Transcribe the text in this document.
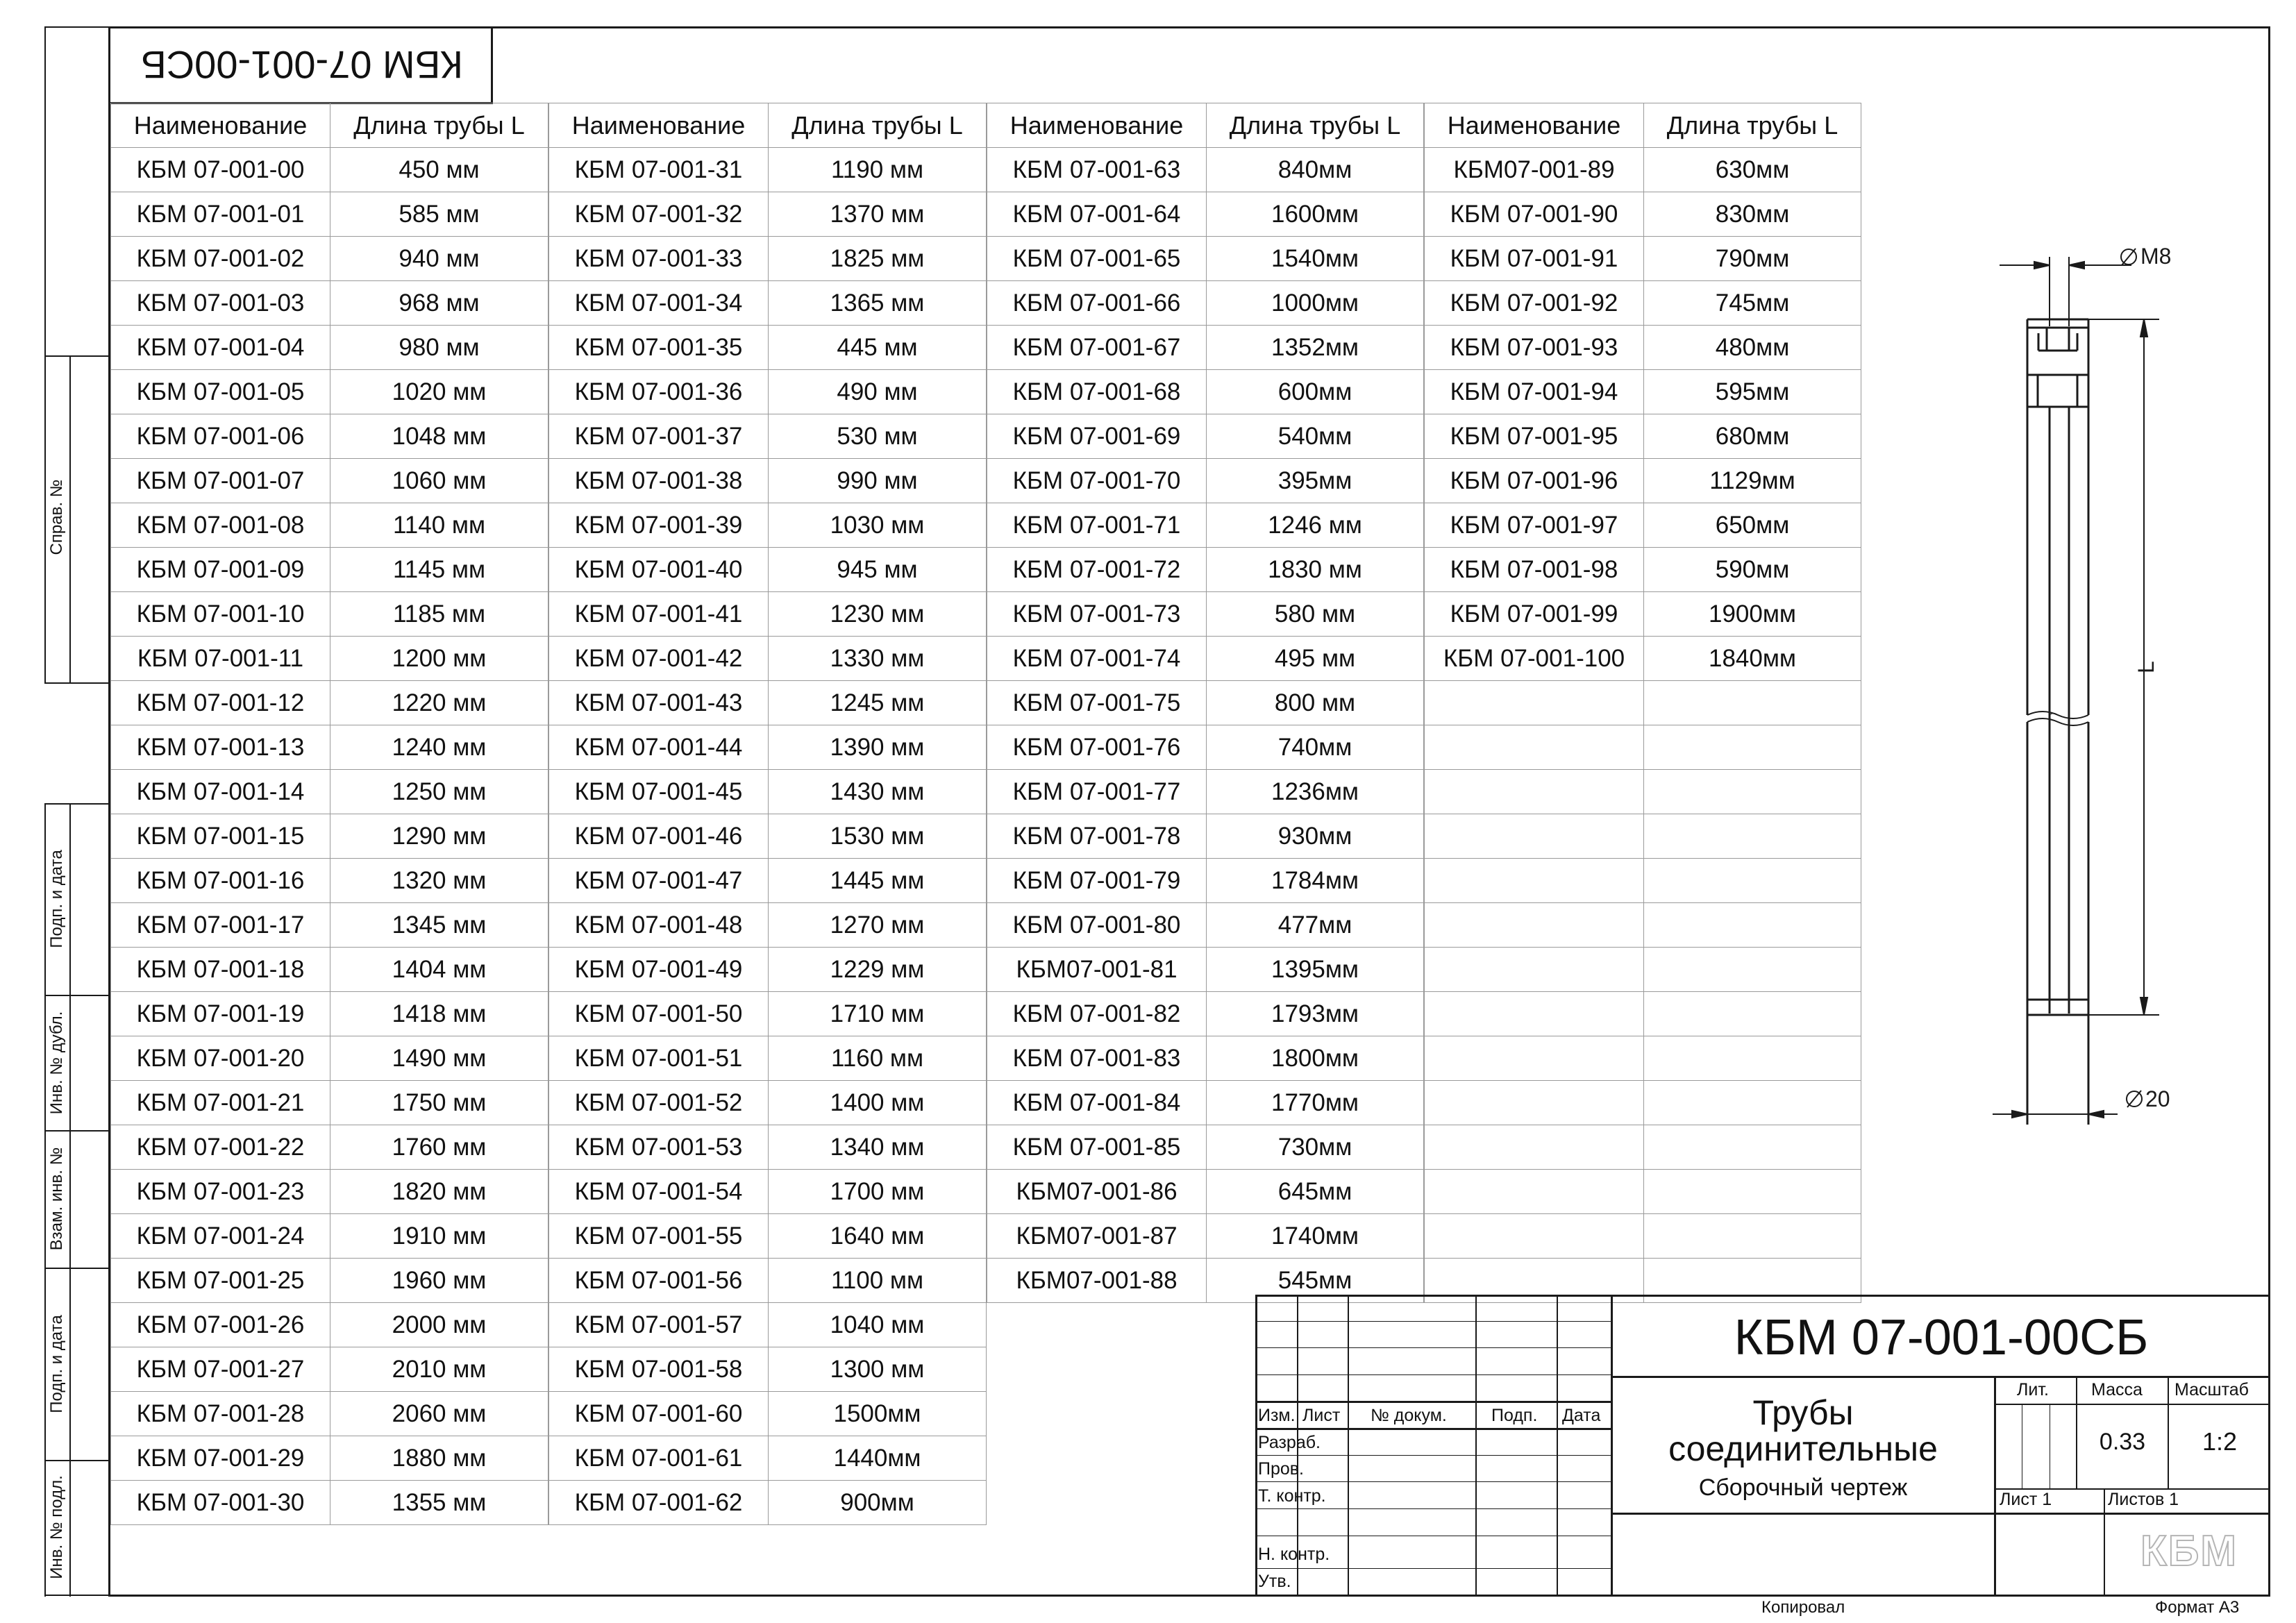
Справ. №
Подп. и дата
Инв. № дубл.
Взам. инв. №
Подп. и дата
Инв. № подл.
КБМ 07-001-00СБ
Наименование	Длина трубы L
КБМ 07-001-00	450 мм
КБМ 07-001-01	585 мм
КБМ 07-001-02	940 мм
КБМ 07-001-03	968 мм
КБМ 07-001-04	980 мм
КБМ 07-001-05	1020 мм
КБМ 07-001-06	1048 мм
КБМ 07-001-07	1060 мм
КБМ 07-001-08	1140 мм
КБМ 07-001-09	1145 мм
КБМ 07-001-10	1185 мм
КБМ 07-001-11	1200 мм
КБМ 07-001-12	1220 мм
КБМ 07-001-13	1240 мм
КБМ 07-001-14	1250 мм
КБМ 07-001-15	1290 мм
КБМ 07-001-16	1320 мм
КБМ 07-001-17	1345 мм
КБМ 07-001-18	1404 мм
КБМ 07-001-19	1418 мм
КБМ 07-001-20	1490 мм
КБМ 07-001-21	1750 мм
КБМ 07-001-22	1760 мм
КБМ 07-001-23	1820 мм
КБМ 07-001-24	1910 мм
КБМ 07-001-25	1960 мм
КБМ 07-001-26	2000 мм
КБМ 07-001-27	2010 мм
КБМ 07-001-28	2060 мм
КБМ 07-001-29	1880 мм
КБМ 07-001-30	1355 мм
Наименование	Длина трубы L
КБМ 07-001-31	1190 мм
КБМ 07-001-32	1370 мм
КБМ 07-001-33	1825 мм
КБМ 07-001-34	1365 мм
КБМ 07-001-35	445 мм
КБМ 07-001-36	490 мм
КБМ 07-001-37	530 мм
КБМ 07-001-38	990 мм
КБМ 07-001-39	1030 мм
КБМ 07-001-40	945 мм
КБМ 07-001-41	1230 мм
КБМ 07-001-42	1330 мм
КБМ 07-001-43	1245 мм
КБМ 07-001-44	1390 мм
КБМ 07-001-45	1430 мм
КБМ 07-001-46	1530 мм
КБМ 07-001-47	1445 мм
КБМ 07-001-48	1270 мм
КБМ 07-001-49	1229 мм
КБМ 07-001-50	1710 мм
КБМ 07-001-51	1160 мм
КБМ 07-001-52	1400 мм
КБМ 07-001-53	1340 мм
КБМ 07-001-54	1700 мм
КБМ 07-001-55	1640 мм
КБМ 07-001-56	1100 мм
КБМ 07-001-57	1040 мм
КБМ 07-001-58	1300 мм
КБМ 07-001-60	1500мм
КБМ 07-001-61	1440мм
КБМ 07-001-62	900мм
Наименование	Длина трубы L
КБМ 07-001-63	840мм
КБМ 07-001-64	1600мм
КБМ 07-001-65	1540мм
КБМ 07-001-66	1000мм
КБМ 07-001-67	1352мм
КБМ 07-001-68	600мм
КБМ 07-001-69	540мм
КБМ 07-001-70	395мм
КБМ 07-001-71	1246 мм
КБМ 07-001-72	1830 мм
КБМ 07-001-73	580 мм
КБМ 07-001-74	495 мм
КБМ 07-001-75	800 мм
КБМ 07-001-76	740мм
КБМ 07-001-77	1236мм
КБМ 07-001-78	930мм
КБМ 07-001-79	1784мм
КБМ 07-001-80	477мм
КБМ07-001-81	1395мм
КБМ 07-001-82	1793мм
КБМ 07-001-83	1800мм
КБМ 07-001-84	1770мм
КБМ 07-001-85	730мм
КБМ07-001-86	645мм
КБМ07-001-87	1740мм
КБМ07-001-88	545мм
Наименование	Длина трубы L
КБМ07-001-89	630мм
КБМ 07-001-90	830мм
КБМ 07-001-91	790мм
КБМ 07-001-92	745мм
КБМ 07-001-93	480мм
КБМ 07-001-94	595мм
КБМ 07-001-95	680мм
КБМ 07-001-96	1129мм
КБМ 07-001-97	650мм
КБМ 07-001-98	590мм
КБМ 07-001-99	1900мм
КБМ 07-001-100	1840мм

M8
L
20
Изм. Лист № докум.	Подп. Дата
Разраб.
Пров.
Т. контр.
Н. контр.
Утв.
КБМ 07-001-00СБ
Трубы
соединительные
Сборочный чертеж
Лит. Масса Масштаб
0.33	1:2
Лист 1	Листов 1
КБМ
Копировал	Формат А3
